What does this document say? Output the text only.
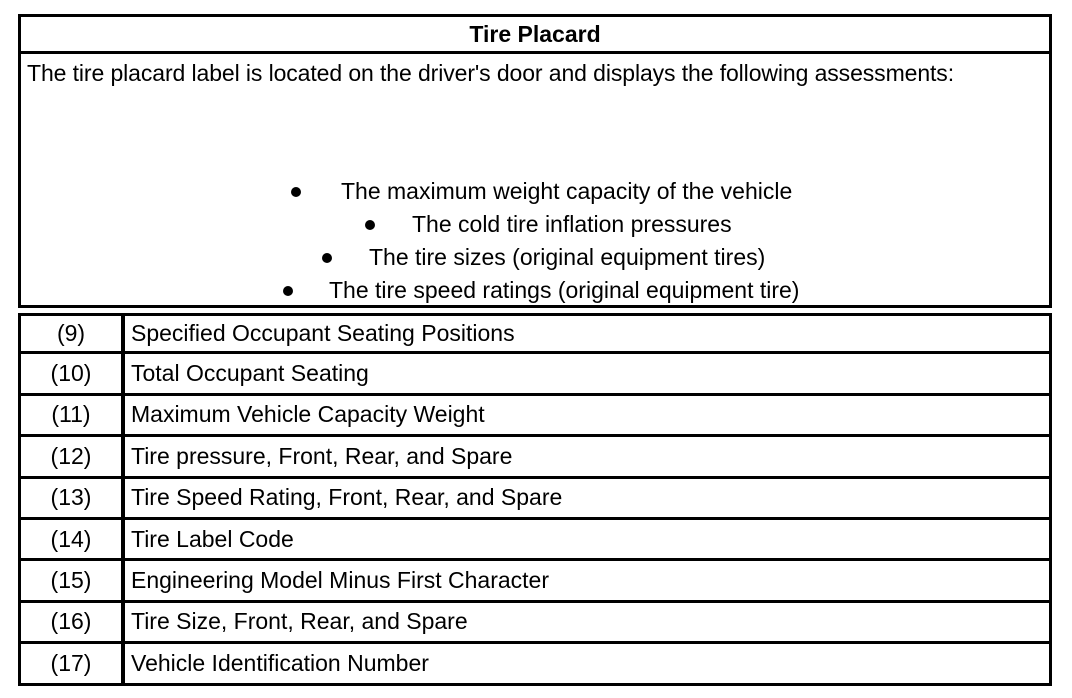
Tire Placard
The tire placard label is located on the driver's door and displays the following assessments:
The maximum weight capacity of the vehicle
The cold tire inflation pressures
The tire sizes (original equipment tires)
The tire speed ratings (original equipment tire)
(9)	Specified Occupant Seating Positions
(10)	Total Occupant Seating
(11)	Maximum Vehicle Capacity Weight
(12)	Tire pressure, Front, Rear, and Spare
(13)	Tire Speed Rating, Front, Rear, and Spare
(14)	Tire Label Code
(15)	Engineering Model Minus First Character
(16)	Tire Size, Front, Rear, and Spare
(17)	Vehicle Identification Number
